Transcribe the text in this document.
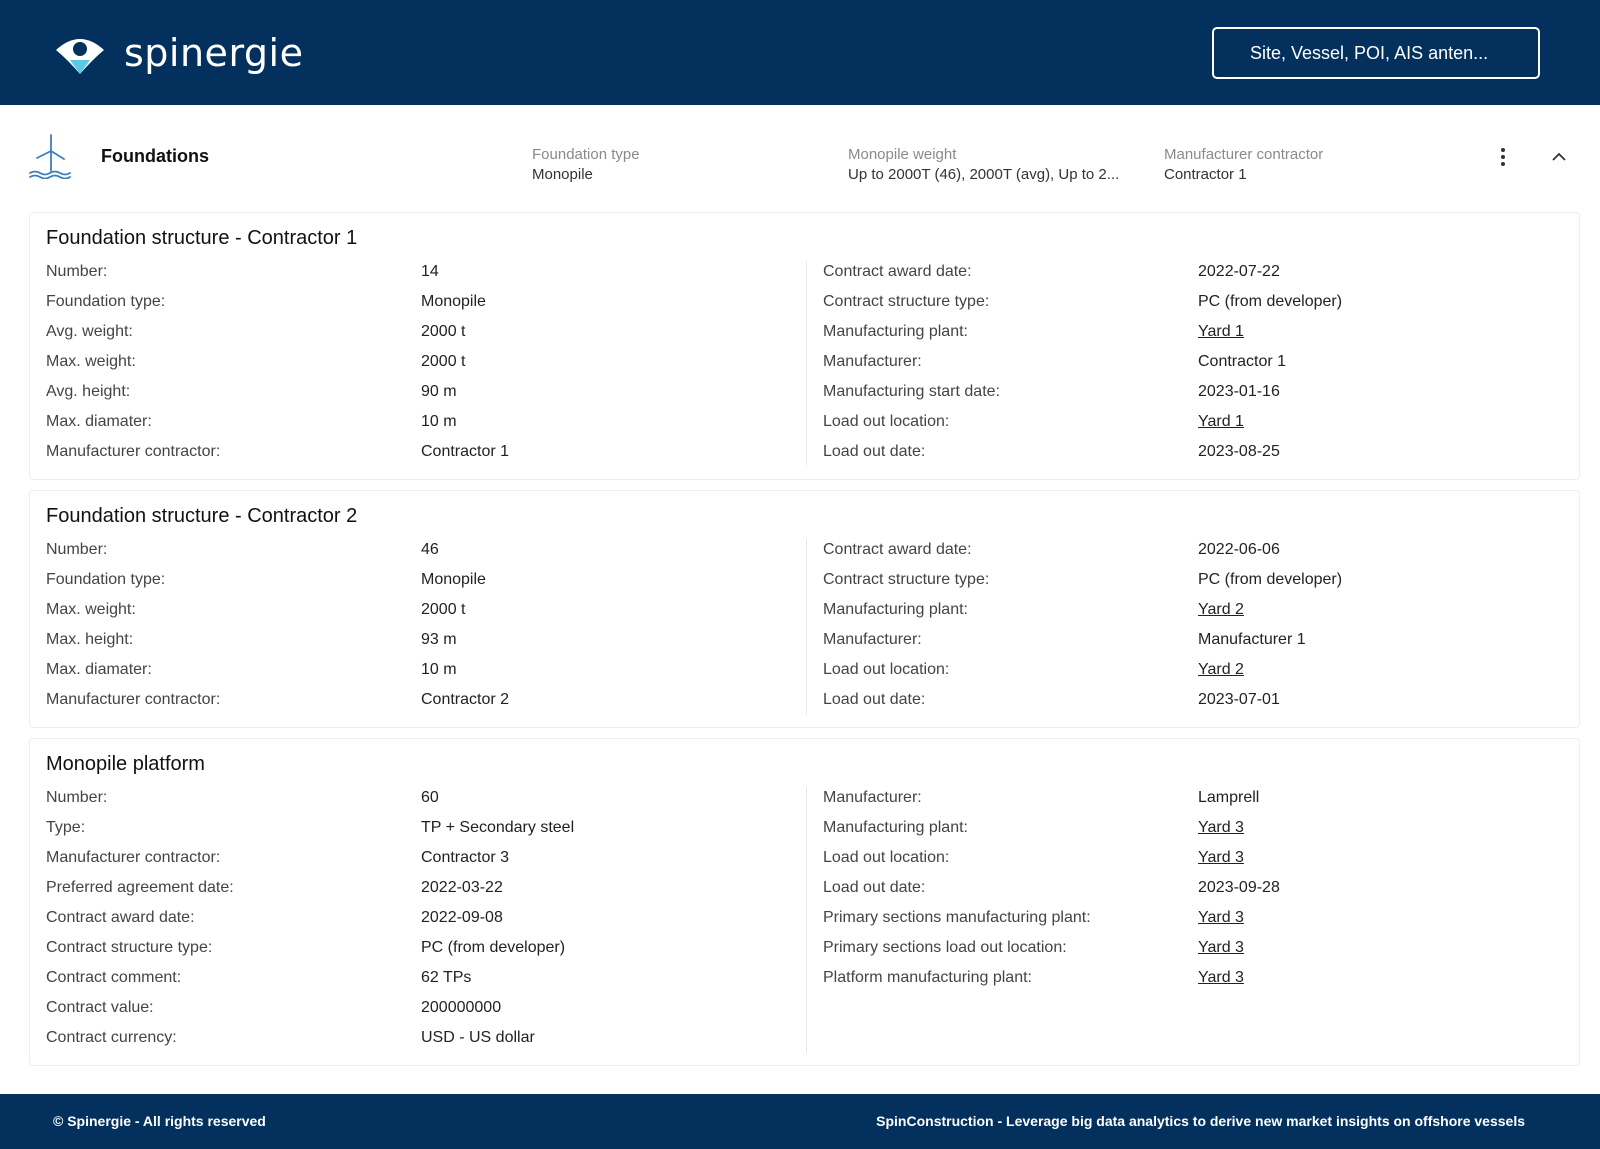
spinergie	Site, Vessel, POI, AIS anten...
Foundations	Foundation type
Monopile
Monopile weight
Up to 2000T (46), 2000T (avg), Up to 2...
Manufacturer contractor
Contractor 1
Foundation structure - Contractor 1
Number:	14
Foundation type:	Monopile
Avg. weight:	2000 t
Max. weight:	2000 t
Avg. height:	90 m
Max. diamater:	10 m
Manufacturer contractor:	Contractor 1
Contract award date:	2022-07-22
Contract structure type:	PC (from developer)
Manufacturing plant:	Yard 1
Manufacturer:	Contractor 1
Manufacturing start date:	2023-01-16
Load out location:	Yard 1
Load out date:	2023-08-25
Foundation structure - Contractor 2
Number:	46
Foundation type:	Monopile
Max. weight:	2000 t
Max. height:	93 m
Max. diamater:	10 m
Manufacturer contractor:	Contractor 2
Contract award date:	2022-06-06
Contract structure type:	PC (from developer)
Manufacturing plant:	Yard 2
Manufacturer:	Manufacturer 1
Load out location:	Yard 2
Load out date:	2023-07-01
Monopile platform
Number:	60
Type:	TP + Secondary steel
Manufacturer contractor:	Contractor 3
Preferred agreement date:	2022-03-22
Contract award date:	2022-09-08
Contract structure type:	PC (from developer)
Contract comment:	62 TPs
Contract value:	200000000
Contract currency:	USD - US dollar
Manufacturer:	Lamprell
Manufacturing plant:	Yard 3
Load out location:	Yard 3
Load out date:	2023-09-28
Primary sections manufacturing plant:	Yard 3
Primary sections load out location:	Yard 3
Platform manufacturing plant:	Yard 3
© Spinergie - All rights reserved	SpinConstruction - Leverage big data analytics to derive new market insights on offshore vessels
